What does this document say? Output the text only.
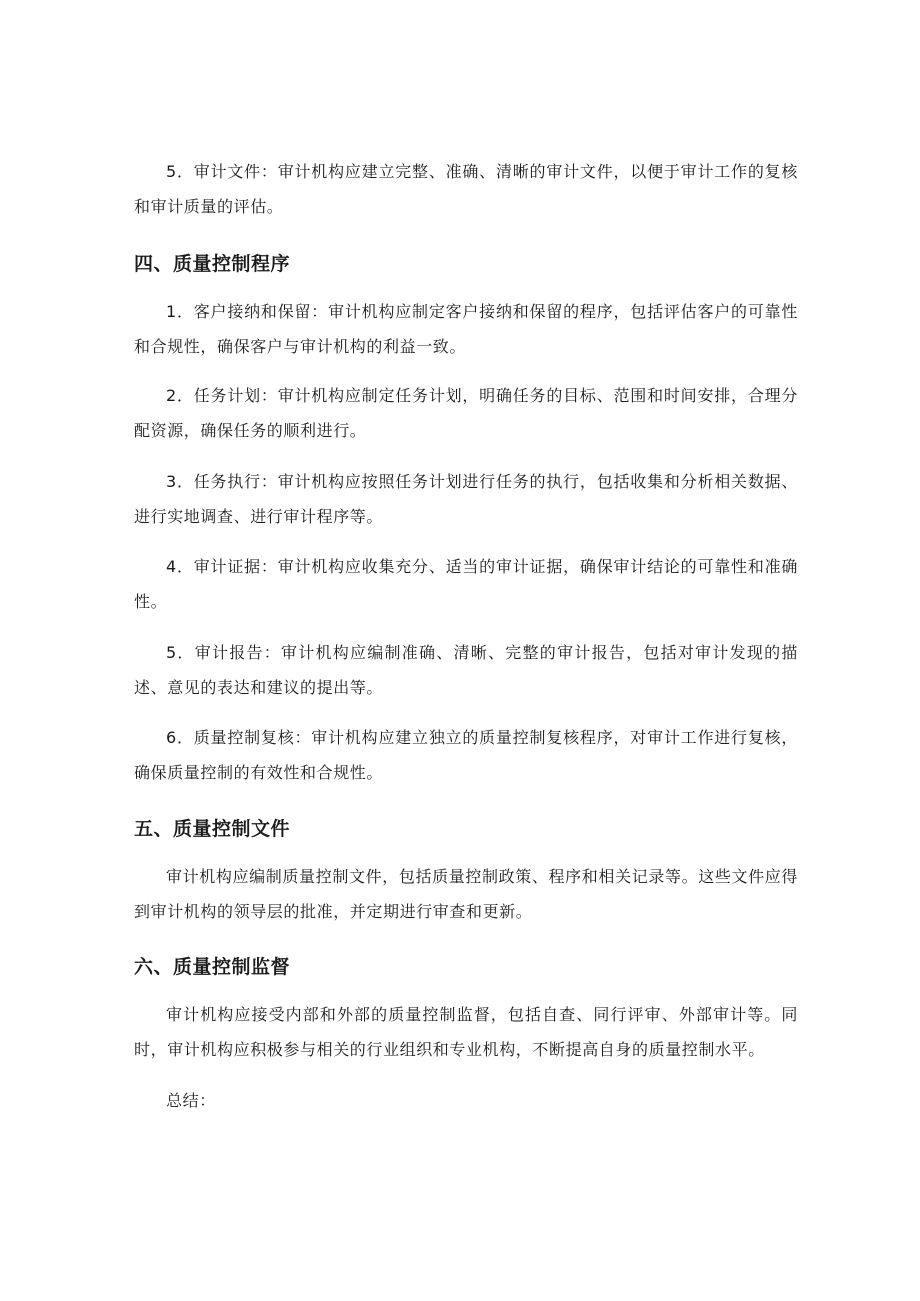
5．审计文件：审计机构应建立完整、准确、清晰的审计文件，以便于审计工作的复核和审计质量的评估。

四、质量控制程序

1．客户接纳和保留：审计机构应制定客户接纳和保留的程序，包括评估客户的可靠性和合规性，确保客户与审计机构的利益一致。

2．任务计划：审计机构应制定任务计划，明确任务的目标、范围和时间安排，合理分配资源，确保任务的顺利进行。

3．任务执行：审计机构应按照任务计划进行任务的执行，包括收集和分析相关数据、进行实地调查、进行审计程序等。

4．审计证据：审计机构应收集充分、适当的审计证据，确保审计结论的可靠性和准确性。

5．审计报告：审计机构应编制准确、清晰、完整的审计报告，包括对审计发现的描述、意见的表达和建议的提出等。

6．质量控制复核：审计机构应建立独立的质量控制复核程序，对审计工作进行复核，确保质量控制的有效性和合规性。

五、质量控制文件

审计机构应编制质量控制文件，包括质量控制政策、程序和相关记录等。这些文件应得到审计机构的领导层的批准，并定期进行审查和更新。

六、质量控制监督

审计机构应接受内部和外部的质量控制监督，包括自查、同行评审、外部审计等。同时，审计机构应积极参与相关的行业组织和专业机构，不断提高自身的质量控制水平。

总结：
